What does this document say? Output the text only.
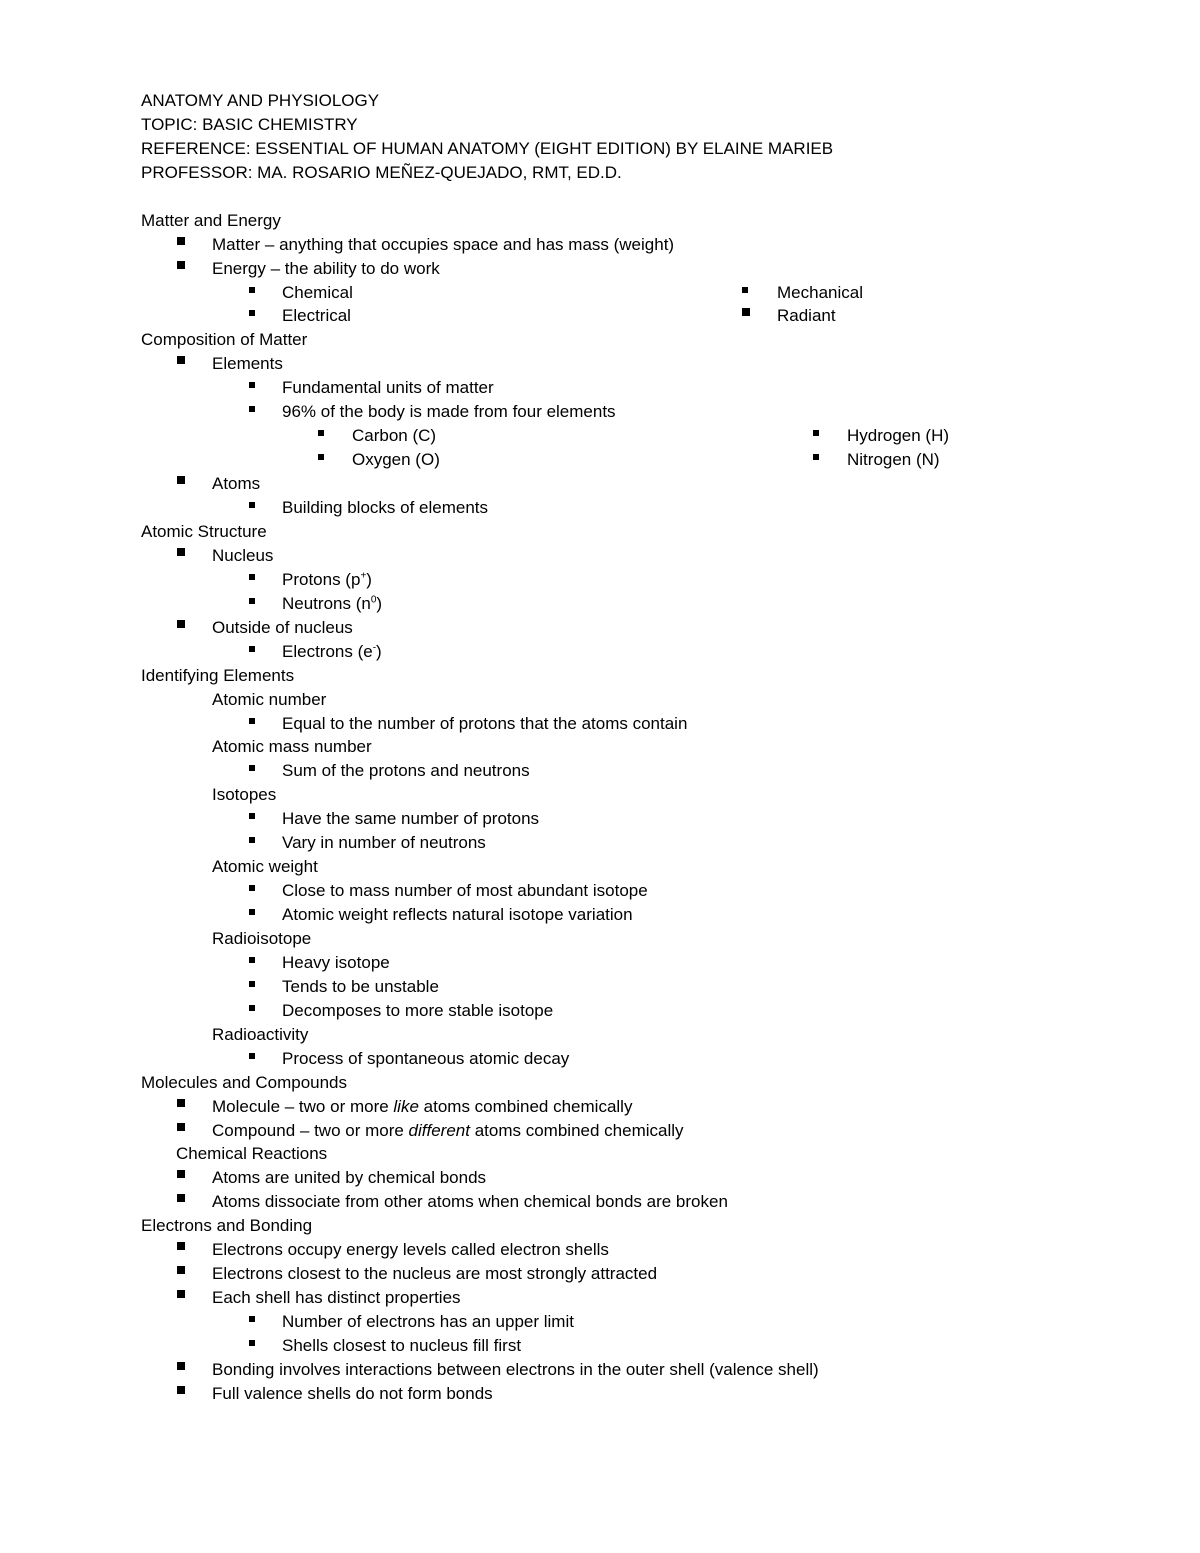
ANATOMY AND PHYSIOLOGY
TOPIC: BASIC CHEMISTRY
REFERENCE: ESSENTIAL OF HUMAN ANATOMY (EIGHT EDITION) BY ELAINE MARIEB
PROFESSOR: MA. ROSARIO MEÑEZ-QUEJADO, RMT, ED.D.
Matter and Energy
Matter – anything that occupies space and has mass (weight)
Energy – the ability to do work
Chemical	Mechanical
Electrical	Radiant
Composition of Matter
Elements
Fundamental units of matter
96% of the body is made from four elements
Carbon (C)	Hydrogen (H)
Oxygen (O)	Nitrogen (N)
Atoms
Building blocks of elements
Atomic Structure
Nucleus
Protons (p+)
Neutrons $(n^0)$
Outside of nucleus
Electrons (e-)
Identifying Elements
Atomic number
Equal to the number of protons that the atoms contain
Atomic mass number
Sum of the protons and neutrons
Isotopes
Have the same number of protons
Vary in number of neutrons
Atomic weight
Close to mass number of most abundant isotope
Atomic weight reflects natural isotope variation
Radioisotope
Heavy isotope
Tends to be unstable
Decomposes to more stable isotope
Radioactivity
Process of spontaneous atomic decay
Molecules and Compounds
Molecule – two or more like atoms combined chemically
Compound – two or more different atoms combined chemically
Chemical Reactions
Atoms are united by chemical bonds
Atoms dissociate from other atoms when chemical bonds are broken
Electrons and Bonding
Electrons occupy energy levels called electron shells
Electrons closest to the nucleus are most strongly attracted
Each shell has distinct properties
Number of electrons has an upper limit
Shells closest to nucleus fill first
Bonding involves interactions between electrons in the outer shell (valence shell)
Full valence shells do not form bonds
